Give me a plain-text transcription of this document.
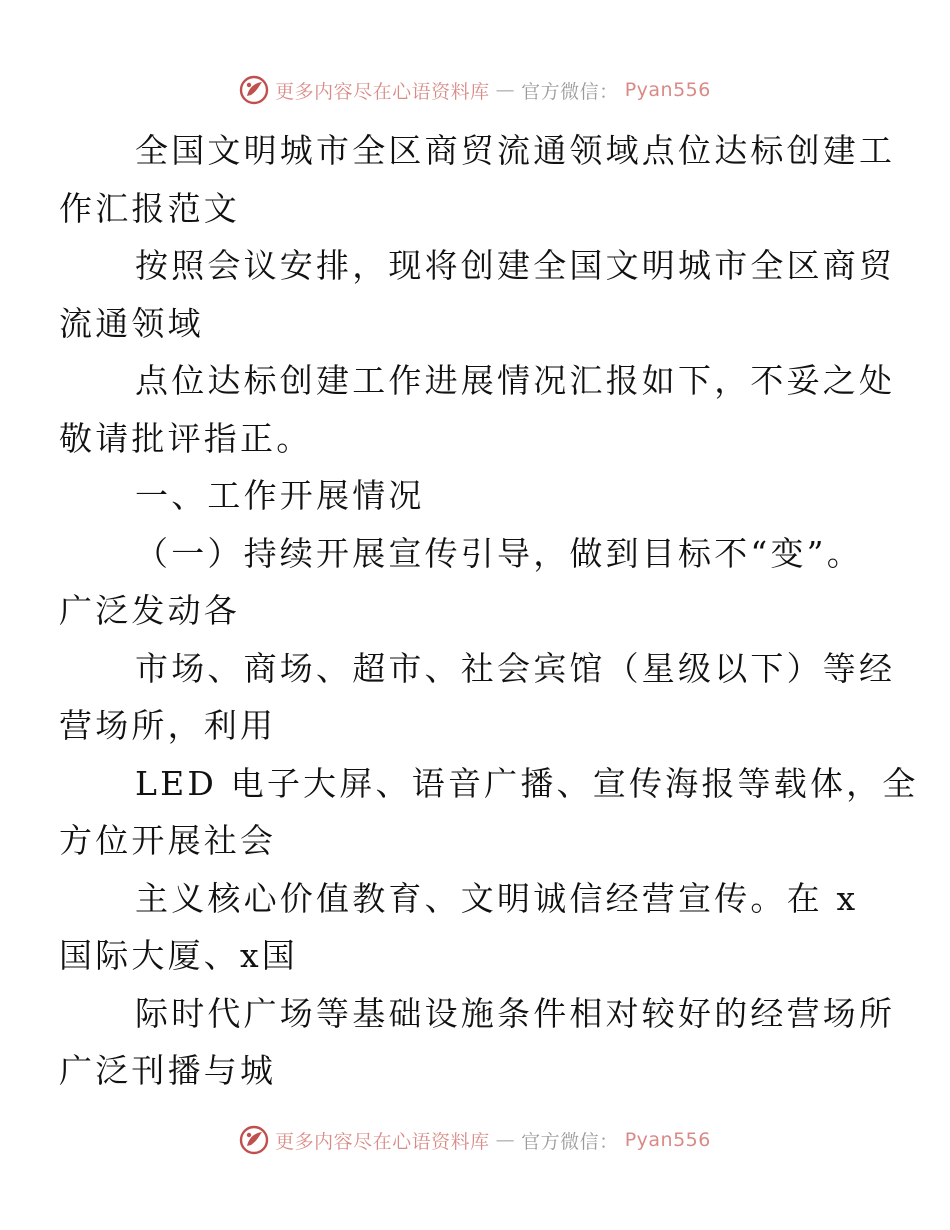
更多内容尽在心语资料库 — 官方微信： Pyan556

全国文明城市全区商贸流通领域点位达标创建工
作汇报范文

按照会议安排，现将创建全国文明城市全区商贸
流通领域

点位达标创建工作进展情况汇报如下，不妥之处
敬请批评指正。

一、工作开展情况

（一）持续开展宣传引导，做到目标不“变”。
广泛发动各

市场、商场、超市、社会宾馆（星级以下）等经
营场所，利用

LED 电子大屏、语音广播、宣传海报等载体，全
方位开展社会

主义核心价值教育、文明诚信经营宣传。在 x
国际大厦、x国

际时代广场等基础设施条件相对较好的经营场所
广泛刊播与城

更多内容尽在心语资料库 — 官方微信： Pyan556
